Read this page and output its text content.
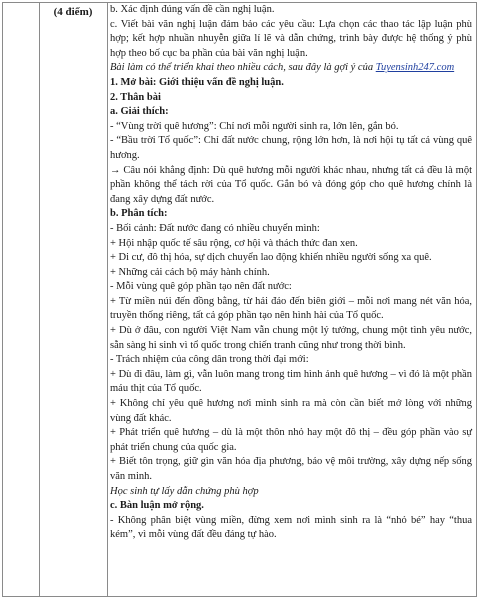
(4 điểm)	b. Xác định đúng vấn đề cần nghị luận.

c. Viết bài văn nghị luận đảm bảo các yêu cầu: Lựa chọn các thao tác lập luận phù hợp; kết hợp nhuần nhuyễn giữa lí lẽ và dẫn chứng, trình bày được hệ thống ý phù hợp theo bố cục ba phần của bài văn nghị luận.

Bài làm có thể triển khai theo nhiều cách, sau đây là gợi ý của Tuyensinh247.com

1. Mở bài: Giới thiệu vấn đề nghị luận.

2. Thân bài

a. Giải thích:

- “Vùng trời quê hương”: Chỉ nơi mỗi người sinh ra, lớn lên, gắn bó.

- “Bầu trời Tổ quốc”: Chỉ đất nước chung, rộng lớn hơn, là nơi hội tụ tất cả vùng quê hương.

→ Câu nói khẳng định: Dù quê hương mỗi người khác nhau, nhưng tất cả đều là một phần không thể tách rời của Tổ quốc. Gắn bó và đóng góp cho quê hương chính là đang xây dựng đất nước.

b. Phân tích:

- Bối cảnh: Đất nước đang có nhiều chuyển mình:

+ Hội nhập quốc tế sâu rộng, cơ hội và thách thức đan xen.

+ Di cư, đô thị hóa, sự dịch chuyển lao động khiến nhiều người sống xa quê.

+ Những cải cách bộ máy hành chính.

- Mỗi vùng quê góp phần tạo nên đất nước:

+ Từ miền núi đến đồng bằng, từ hải đảo đến biên giới – mỗi nơi mang nét văn hóa, truyền thống riêng, tất cả góp phần tạo nên hình hài của Tổ quốc.

+ Dù ở đâu, con người Việt Nam vẫn chung một lý tưởng, chung một tình yêu nước, sẵn sàng hi sinh vì tổ quốc trong chiến tranh cũng như trong thời bình.

- Trách nhiệm của công dân trong thời đại mới:

+ Dù đi đâu, làm gì, vẫn luôn mang trong tim hình ảnh quê hương – vì đó là một phần máu thịt của Tổ quốc.

+ Không chỉ yêu quê hương nơi mình sinh ra mà còn cần biết mở lòng với những vùng đất khác.

+ Phát triển quê hương – dù là một thôn nhỏ hay một đô thị – đều góp phần vào sự phát triển chung của quốc gia.

+ Biết tôn trọng, giữ gìn văn hóa địa phương, bảo vệ môi trường, xây dựng nếp sống văn minh.

Học sinh tự lấy dẫn chứng phù hợp

c. Bàn luận mở rộng.

- Không phân biệt vùng miền, đừng xem nơi mình sinh ra là “nhỏ bé” hay “thua kém”, vì mỗi vùng đất đều đáng tự hào.
